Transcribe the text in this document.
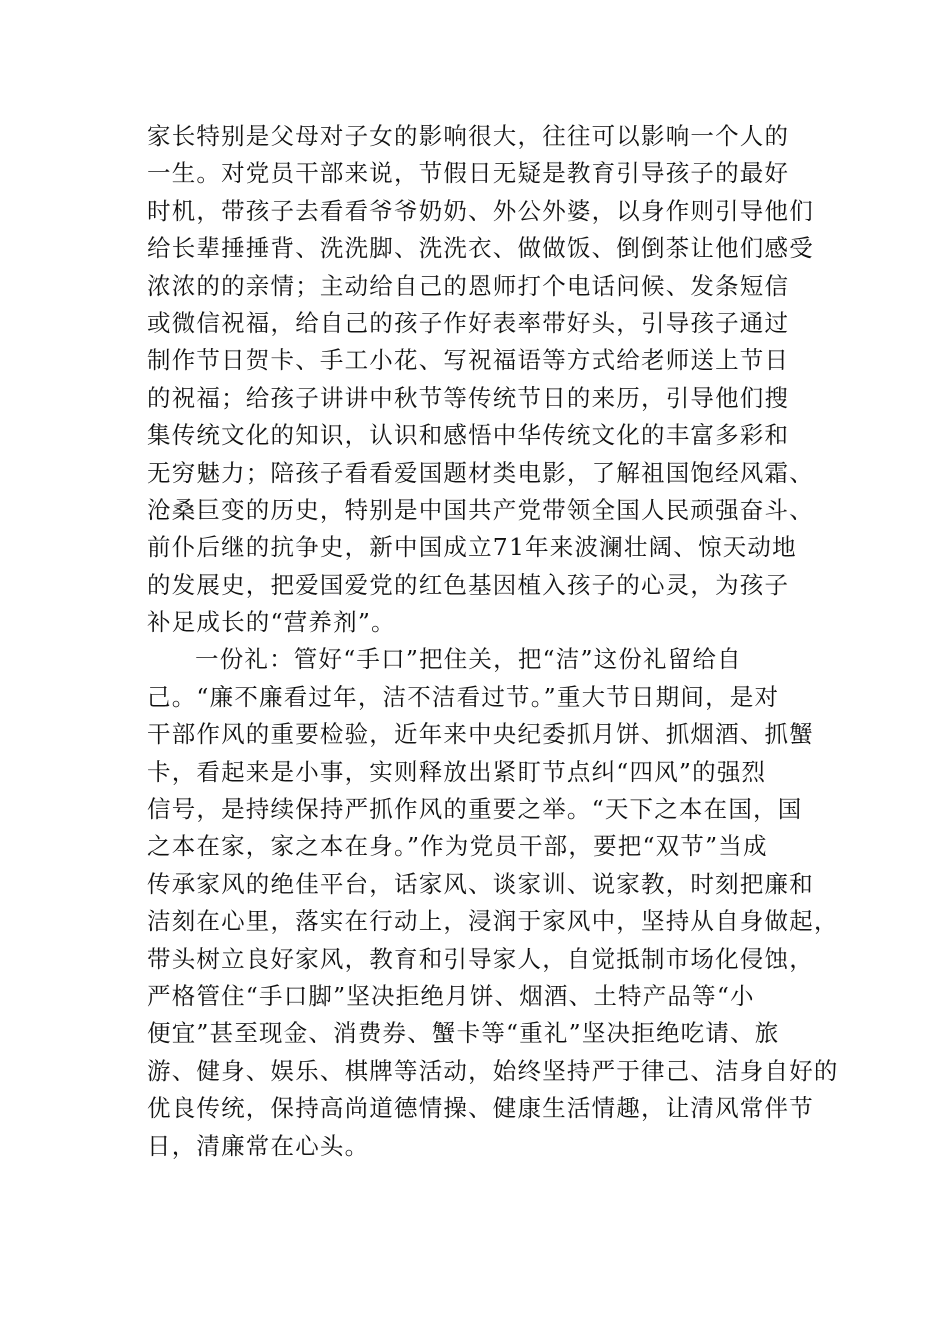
家长特别是父母对子女的影响很大，往往可以影响一个人的
一生。对党员干部来说，节假日无疑是教育引导孩子的最好
时机，带孩子去看看爷爷奶奶、外公外婆，以身作则引导他们
给长辈捶捶背、洗洗脚、洗洗衣、做做饭、倒倒茶让他们感受
浓浓的的亲情；主动给自己的恩师打个电话问候、发条短信
或微信祝福，给自己的孩子作好表率带好头，引导孩子通过
制作节日贺卡、手工小花、写祝福语等方式给老师送上节日
的祝福；给孩子讲讲中秋节等传统节日的来历，引导他们搜
集传统文化的知识，认识和感悟中华传统文化的丰富多彩和
无穷魅力；陪孩子看看爱国题材类电影，了解祖国饱经风霜、
沧桑巨变的历史，特别是中国共产党带领全国人民顽强奋斗、
前仆后继的抗争史，新中国成立71年来波澜壮阔、惊天动地
的发展史，把爱国爱党的红色基因植入孩子的心灵，为孩子
补足成长的“营养剂”。
一份礼：管好“手口”把住关，把“洁”这份礼留给自
己。“廉不廉看过年，洁不洁看过节。”重大节日期间，是对
干部作风的重要检验，近年来中央纪委抓月饼、抓烟酒、抓蟹
卡，看起来是小事，实则释放出紧盯节点纠“四风”的强烈
信号，是持续保持严抓作风的重要之举。“天下之本在国，国
之本在家，家之本在身。”作为党员干部，要把“双节”当成
传承家风的绝佳平台，话家风、谈家训、说家教，时刻把廉和
洁刻在心里，落实在行动上，浸润于家风中，坚持从自身做起，
带头树立良好家风，教育和引导家人，自觉抵制市场化侵蚀，
严格管住“手口脚”坚决拒绝月饼、烟酒、土特产品等“小
便宜”甚至现金、消费券、蟹卡等“重礼”坚决拒绝吃请、旅
游、健身、娱乐、棋牌等活动，始终坚持严于律己、洁身自好的
优良传统，保持高尚道德情操、健康生活情趣，让清风常伴节
日，清廉常在心头。
